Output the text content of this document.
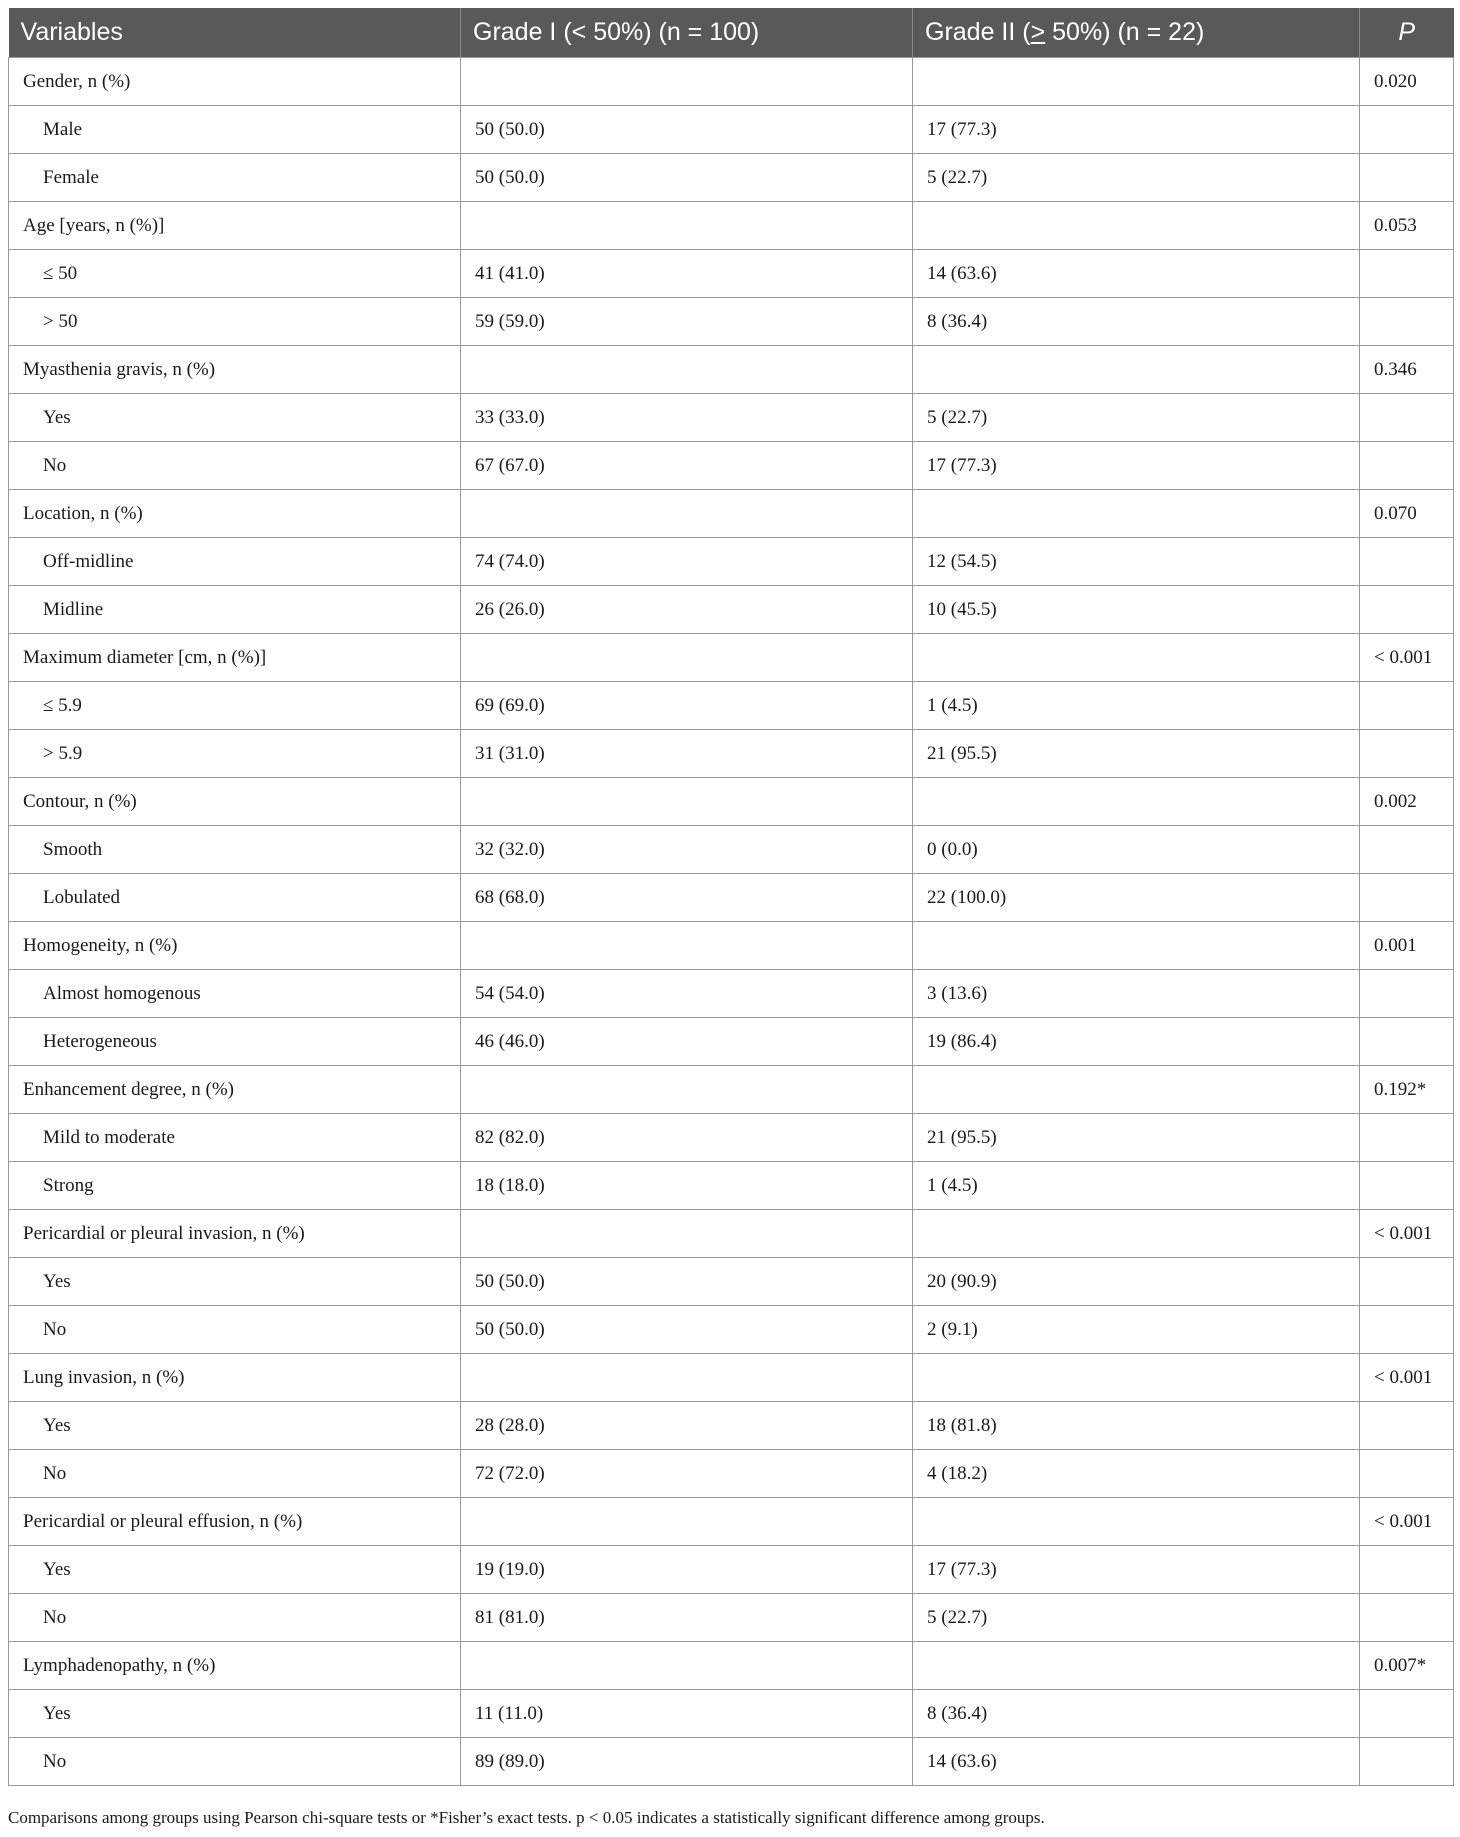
Variables	Grade I (< 50%) (n = 100)	Grade II (> 50%) (n = 22)	P
Gender, n (%)			0.020
Male	50 (50.0)	17 (77.3)	
Female	50 (50.0)	5 (22.7)	
Age [years, n (%)]			0.053
≤ 50	41 (41.0)	14 (63.6)	
> 50	59 (59.0)	8 (36.4)	
Myasthenia gravis, n (%)			0.346
Yes	33 (33.0)	5 (22.7)	
No	67 (67.0)	17 (77.3)	
Location, n (%)			0.070
Off-midline	74 (74.0)	12 (54.5)	
Midline	26 (26.0)	10 (45.5)	
Maximum diameter [cm, n (%)]			< 0.001
≤ 5.9	69 (69.0)	1 (4.5)	
> 5.9	31 (31.0)	21 (95.5)	
Contour, n (%)			0.002
Smooth	32 (32.0)	0 (0.0)	
Lobulated	68 (68.0)	22 (100.0)	
Homogeneity, n (%)			0.001
Almost homogenous	54 (54.0)	3 (13.6)	
Heterogeneous	46 (46.0)	19 (86.4)	
Enhancement degree, n (%)			0.192*
Mild to moderate	82 (82.0)	21 (95.5)	
Strong	18 (18.0)	1 (4.5)	
Pericardial or pleural invasion, n (%)			< 0.001
Yes	50 (50.0)	20 (90.9)	
No	50 (50.0)	2 (9.1)	
Lung invasion, n (%)			< 0.001
Yes	28 (28.0)	18 (81.8)	
No	72 (72.0)	4 (18.2)	
Pericardial or pleural effusion, n (%)			< 0.001
Yes	19 (19.0)	17 (77.3)	
No	81 (81.0)	5 (22.7)	
Lymphadenopathy, n (%)			0.007*
Yes	11 (11.0)	8 (36.4)	
No	89 (89.0)	14 (63.6)	
Comparisons among groups using Pearson chi-square tests or *Fisher’s exact tests. p < 0.05 indicates a statistically significant difference among groups.
